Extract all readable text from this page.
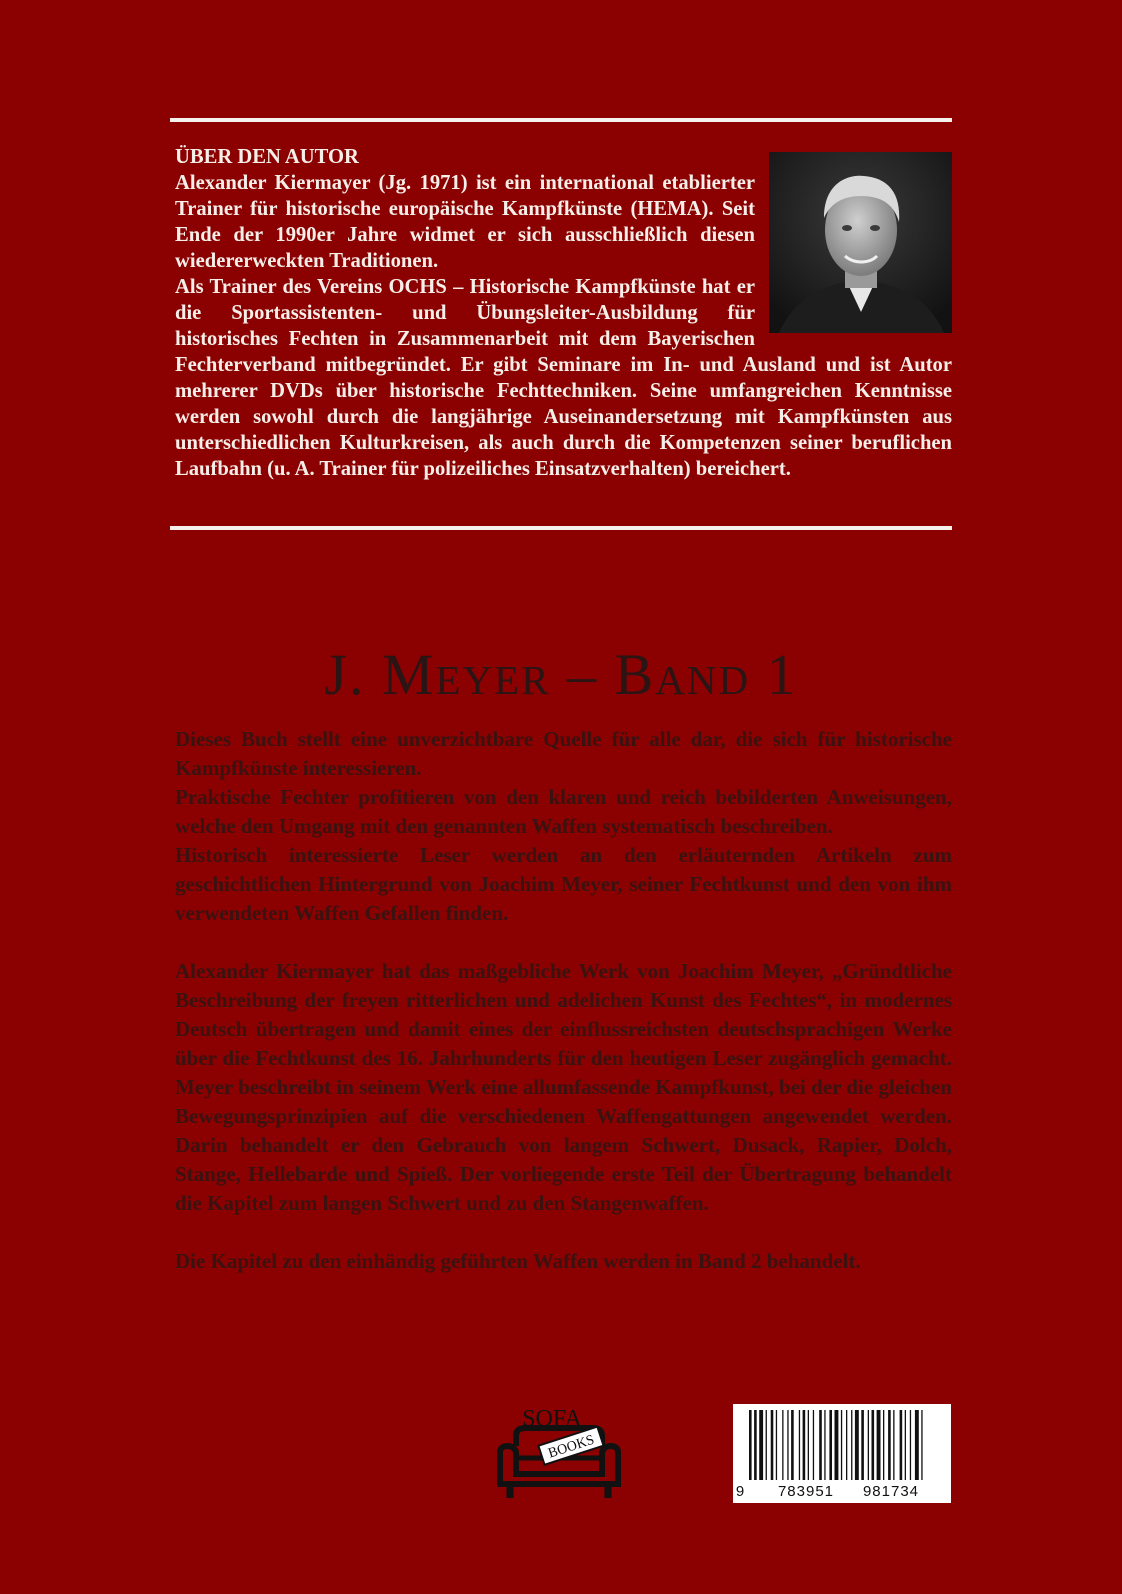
ÜBER DEN AUTOR

Alexander Kiermayer (Jg. 1971) ist ein international etablierter Trainer für historische europäische Kampfkünste (HEMA). Seit Ende der 1990er Jahre widmet er sich ausschließlich diesen wiedererweckten Traditionen.

Als Trainer des Vereins OCHS – Historische Kampfkünste hat er die Sportassistenten- und Übungsleiter-Ausbildung für historisches Fechten in Zusammenarbeit mit dem Bayerischen Fechterverband mitbegründet. Er gibt Seminare im In- und Ausland und ist Autor mehrerer DVDs über historische Fechttechniken. Seine umfangreichen Kenntnisse werden sowohl durch die langjährige Auseinandersetzung mit Kampfkünsten aus unterschiedlichen Kulturkreisen, als auch durch die Kompetenzen seiner beruflichen Laufbahn (u. A. Trainer für polizeiliches Einsatzverhalten) bereichert.

J. Meyer – Band 1

Dieses Buch stellt eine unverzichtbare Quelle für alle dar, die sich für historische Kampfkünste interessieren.

Praktische Fechter profitieren von den klaren und reich bebilderten Anweisungen, welche den Umgang mit den genannten Waffen systematisch beschreiben.

Historisch interessierte Leser werden an den erläuternden Artikeln zum geschichtlichen Hintergrund von Joachim Meyer, seiner Fechtkunst und den von ihm verwendeten Waffen Gefallen finden.

Alexander Kiermayer hat das maßgebliche Werk von Joachim Meyer, „Gründtliche Beschreibung der freyen ritterlichen und adelichen Kunst des Fechtes“, in modernes Deutsch übertragen und damit eines der einflussreichsten deutschsprachigen Werke über die Fechtkunst des 16. Jahrhunderts für den heutigen Leser zugänglich gemacht. Meyer beschreibt in seinem Werk eine allumfassende Kampfkunst, bei der die gleichen Bewegungsprinzipien auf die verschiedenen Waffengattungen angewendet werden. Darin behandelt er den Gebrauch von langem Schwert, Dusack, Rapier, Dolch, Stange, Hellebarde und Spieß. Der vorliegende erste Teil der Übertragung behandelt die Kapitel zum langen Schwert und zu den Stangenwaffen.

Die Kapitel zu den einhändig geführten Waffen werden in Band 2 behandelt.

SOFA
BOOKS
9 783951 981734
